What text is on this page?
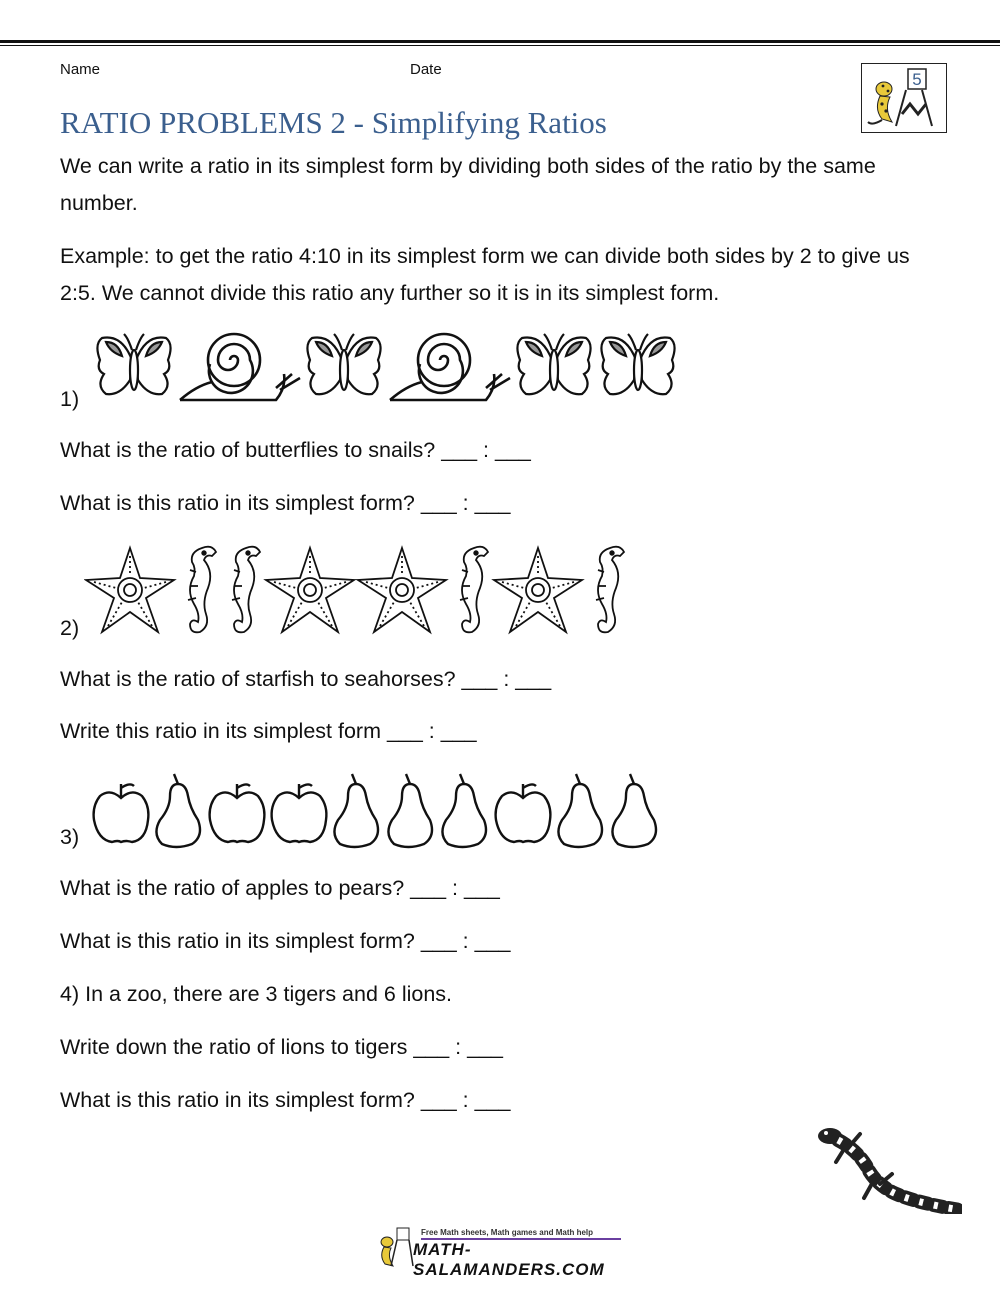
Name	Date
5
RATIO PROBLEMS 2 - Simplifying Ratios
We can write a ratio in its simplest form by dividing both sides of the ratio by the same number.
Example: to get the ratio 4:10 in its simplest form we can divide both sides by 2 to give us 2:5. We cannot divide this ratio any further so it is in its simplest form.
1)
What is the ratio of butterflies to snails? ___ : ___
What is this ratio in its simplest form? ___ : ___
2)
What is the ratio of starfish to seahorses? ___ : ___
Write this ratio in its simplest form ___ : ___
3)
What is the ratio of apples to pears? ___ : ___
What is this ratio in its simplest form? ___ : ___
4) In a zoo, there are 3 tigers and 6 lions.
Write down the ratio of lions to tigers ___ : ___
What is this ratio in its simplest form? ___ : ___
Free Math sheets, Math games and Math help
MATH-SALAMANDERS.COM
